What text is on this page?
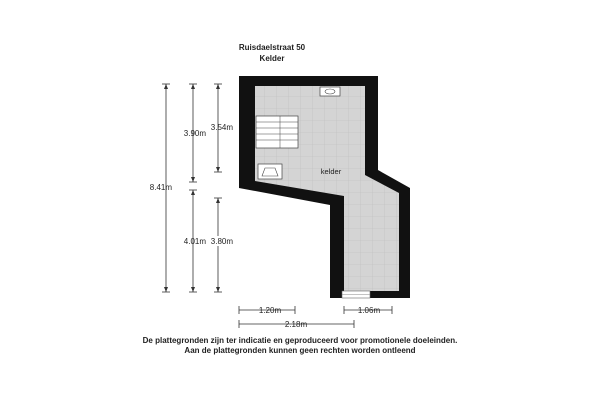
Ruisdaelstraat 50
Kelder
kelder
8.41m
3.90m
3.54m
4.01m 3.80m
1.20m	1.06m
2.18m
De plattegronden zijn ter indicatie en geproduceerd voor promotionele doeleinden.
Aan de plattegronden kunnen geen rechten worden ontleend
